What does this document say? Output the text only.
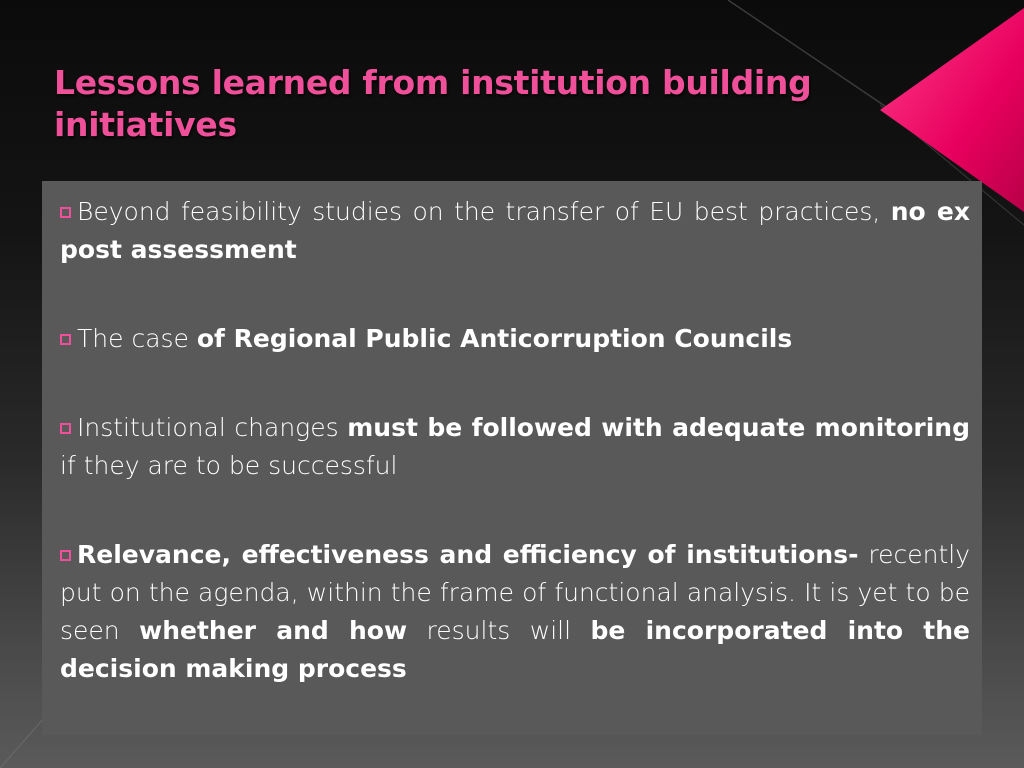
Lessons learned from institution building initiatives

Beyond feasibility studies on the transfer of EU best practices, no ex post assessment

The case of Regional Public Anticorruption Councils

Institutional changes must be followed with adequate monitoring if they are to be successful

Relevance, effectiveness and efficiency of institutions- recently put on the agenda, within the frame of functional analysis. It is yet to be seen whether and how results will be incorporated into the decision making process
